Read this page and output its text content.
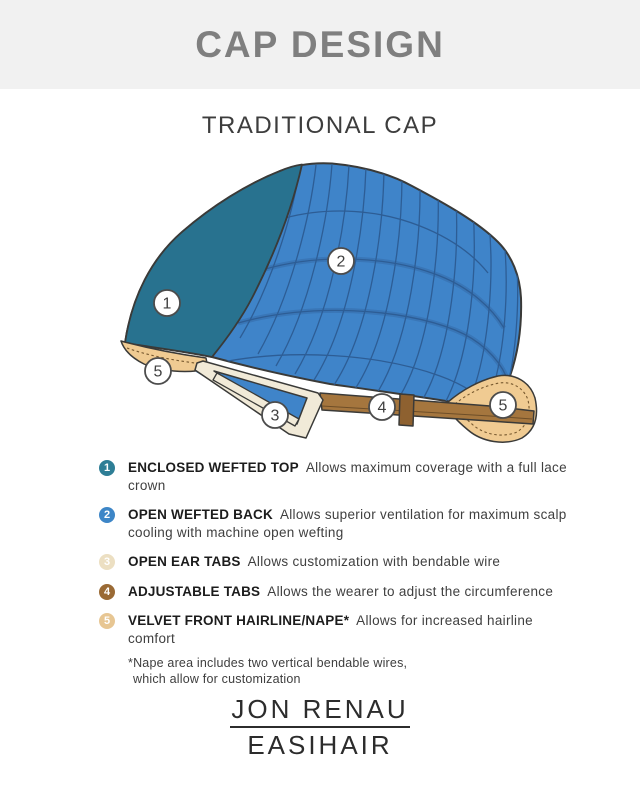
CAP DESIGN
TRADITIONAL CAP
1
2
3	4
5
5
1	ENCLOSED WEFTED TOP Allows maximum coverage with a full lace crown

2	OPEN WEFTED BACK Allows superior ventilation for maximum scalp cooling with machine open wefting

3	OPEN EAR TABS Allows customization with bendable wire

4	ADJUSTABLE TABS Allows the wearer to adjust the circumference

5	VELVET FRONT HAIRLINE/NAPE* Allows for increased hairline comfort

*Nape area includes two vertical bendable wires,
which allow for customization
JON RENAU
EASIHAIR
